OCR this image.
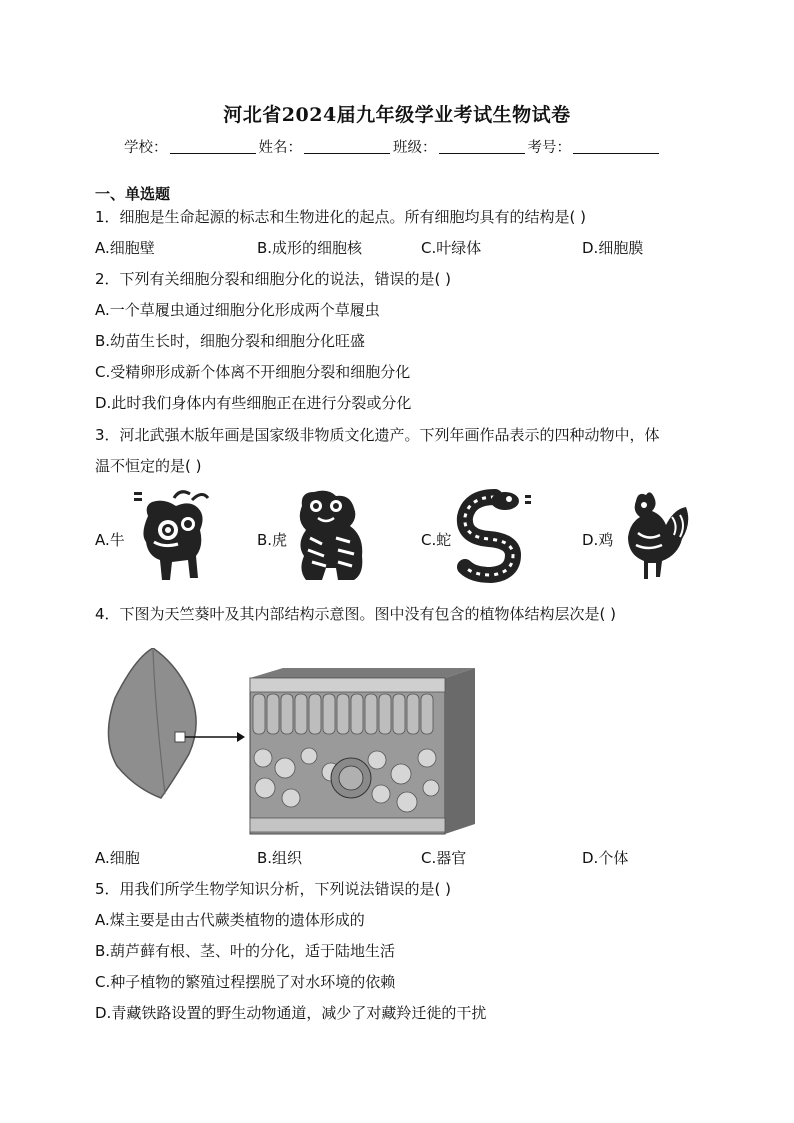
河北省2024届九年级学业考试生物试卷
学校：	姓名：	班级：	考号：
一、单选题
1．细胞是生命起源的标志和生物进化的起点。所有细胞均具有的结构是( )
A.细胞壁	B.成形的细胞核	C.叶绿体	D.细胞膜
2．下列有关细胞分裂和细胞分化的说法，错误的是( )
A.一个草履虫通过细胞分化形成两个草履虫
B.幼苗生长时，细胞分裂和细胞分化旺盛
C.受精卵形成新个体离不开细胞分裂和细胞分化
D.此时我们身体内有些细胞正在进行分裂或分化
3．河北武强木版年画是国家级非物质文化遗产。下列年画作品表示的四种动物中，体
温不恒定的是( )
A.牛	B.虎	C.蛇	D.鸡
4．下图为天竺葵叶及其内部结构示意图。图中没有包含的植物体结构层次是( )
A.细胞	B.组织	C.器官	D.个体
5．用我们所学生物学知识分析，下列说法错误的是( )
A.煤主要是由古代蕨类植物的遗体形成的
B.葫芦藓有根、茎、叶的分化，适于陆地生活
C.种子植物的繁殖过程摆脱了对水环境的依赖
D.青藏铁路设置的野生动物通道，减少了对藏羚迁徙的干扰
